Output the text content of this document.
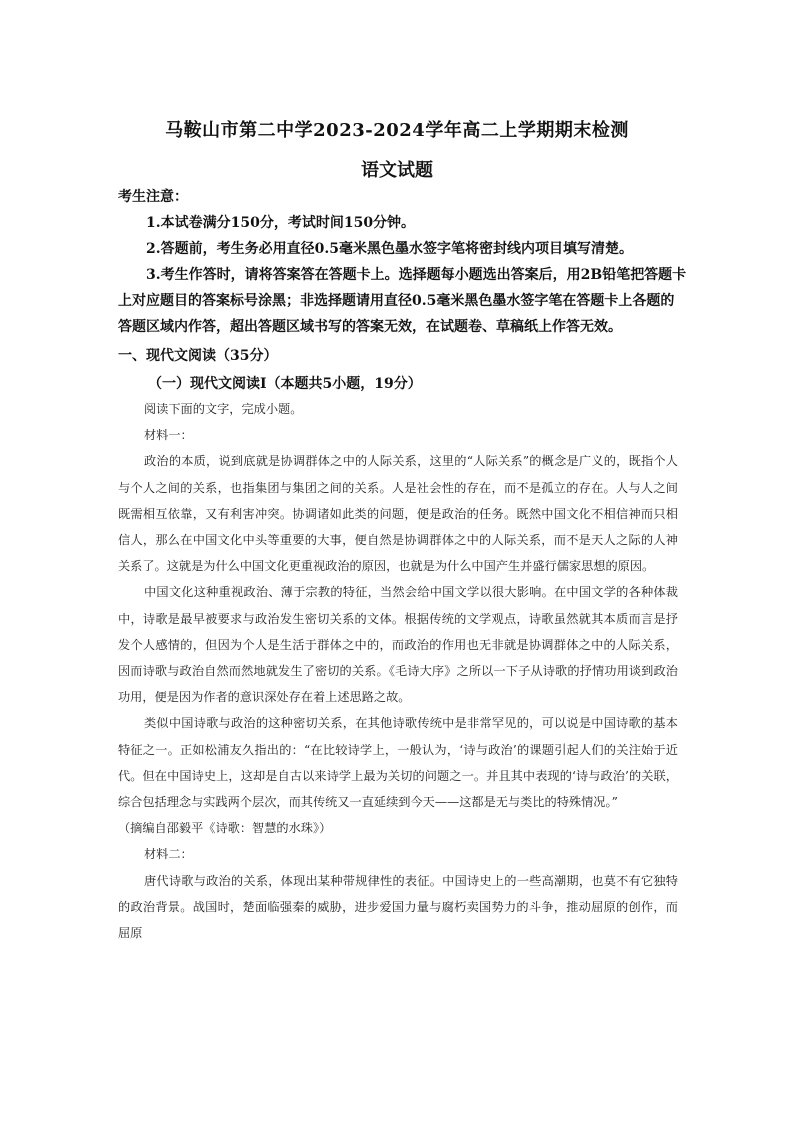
马鞍山市第二中学2023-2024学年高二上学期期末检测
语文试题

考生注意：

1.本试卷满分150分，考试时间150分钟。

2.答题前，考生务必用直径0.5毫米黑色墨水签字笔将密封线内项目填写清楚。

3.考生作答时，请将答案答在答题卡上。选择题每小题选出答案后，用2B铅笔把答题卡上对应题目的答案标号涂黑；非选择题请用直径0.5毫米黑色墨水签字笔在答题卡上各题的答题区域内作答，超出答题区域书写的答案无效，在试题卷、草稿纸上作答无效。

一、现代文阅读（35分）
（一）现代文阅读Ⅰ（本题共5小题，19分）

阅读下面的文字，完成小题。

材料一：

政治的本质，说到底就是协调群体之中的人际关系，这里的“人际关系”的概念是广义的，既指个人与个人之间的关系，也指集团与集团之间的关系。人是社会性的存在，而不是孤立的存在。人与人之间既需相互依靠，又有利害冲突。协调诸如此类的问题，便是政治的任务。既然中国文化不相信神而只相信人，那么在中国文化中头等重要的大事，便自然是协调群体之中的人际关系，而不是天人之际的人神关系了。这就是为什么中国文化更重视政治的原因，也就是为什么中国产生并盛行儒家思想的原因。

中国文化这种重视政治、薄于宗教的特征，当然会给中国文学以很大影响。在中国文学的各种体裁中，诗歌是最早被要求与政治发生密切关系的文体。根据传统的文学观点，诗歌虽然就其本质而言是抒发个人感情的，但因为个人是生活于群体之中的，而政治的作用也无非就是协调群体之中的人际关系，因而诗歌与政治自然而然地就发生了密切的关系。《毛诗大序》之所以一下子从诗歌的抒情功用谈到政治功用，便是因为作者的意识深处存在着上述思路之故。

类似中国诗歌与政治的这种密切关系，在其他诗歌传统中是非常罕见的，可以说是中国诗歌的基本特征之一。正如松浦友久指出的：“在比较诗学上，一般认为，‘诗与政治’的课题引起人们的关注始于近代。但在中国诗史上，这却是自古以来诗学上最为关切的问题之一。并且其中表现的‘诗与政治’的关联，综合包括理念与实践两个层次，而其传统又一直延续到今天——这都是无与类比的特殊情况。”

（摘编自邵毅平《诗歌：智慧的水珠》）

材料二：

唐代诗歌与政治的关系，体现出某种带规律性的表征。中国诗史上的一些高潮期，也莫不有它独特的政治背景。战国时，楚面临强秦的威胁，进步爱国力量与腐朽卖国势力的斗争，推动屈原的创作，而屈原
